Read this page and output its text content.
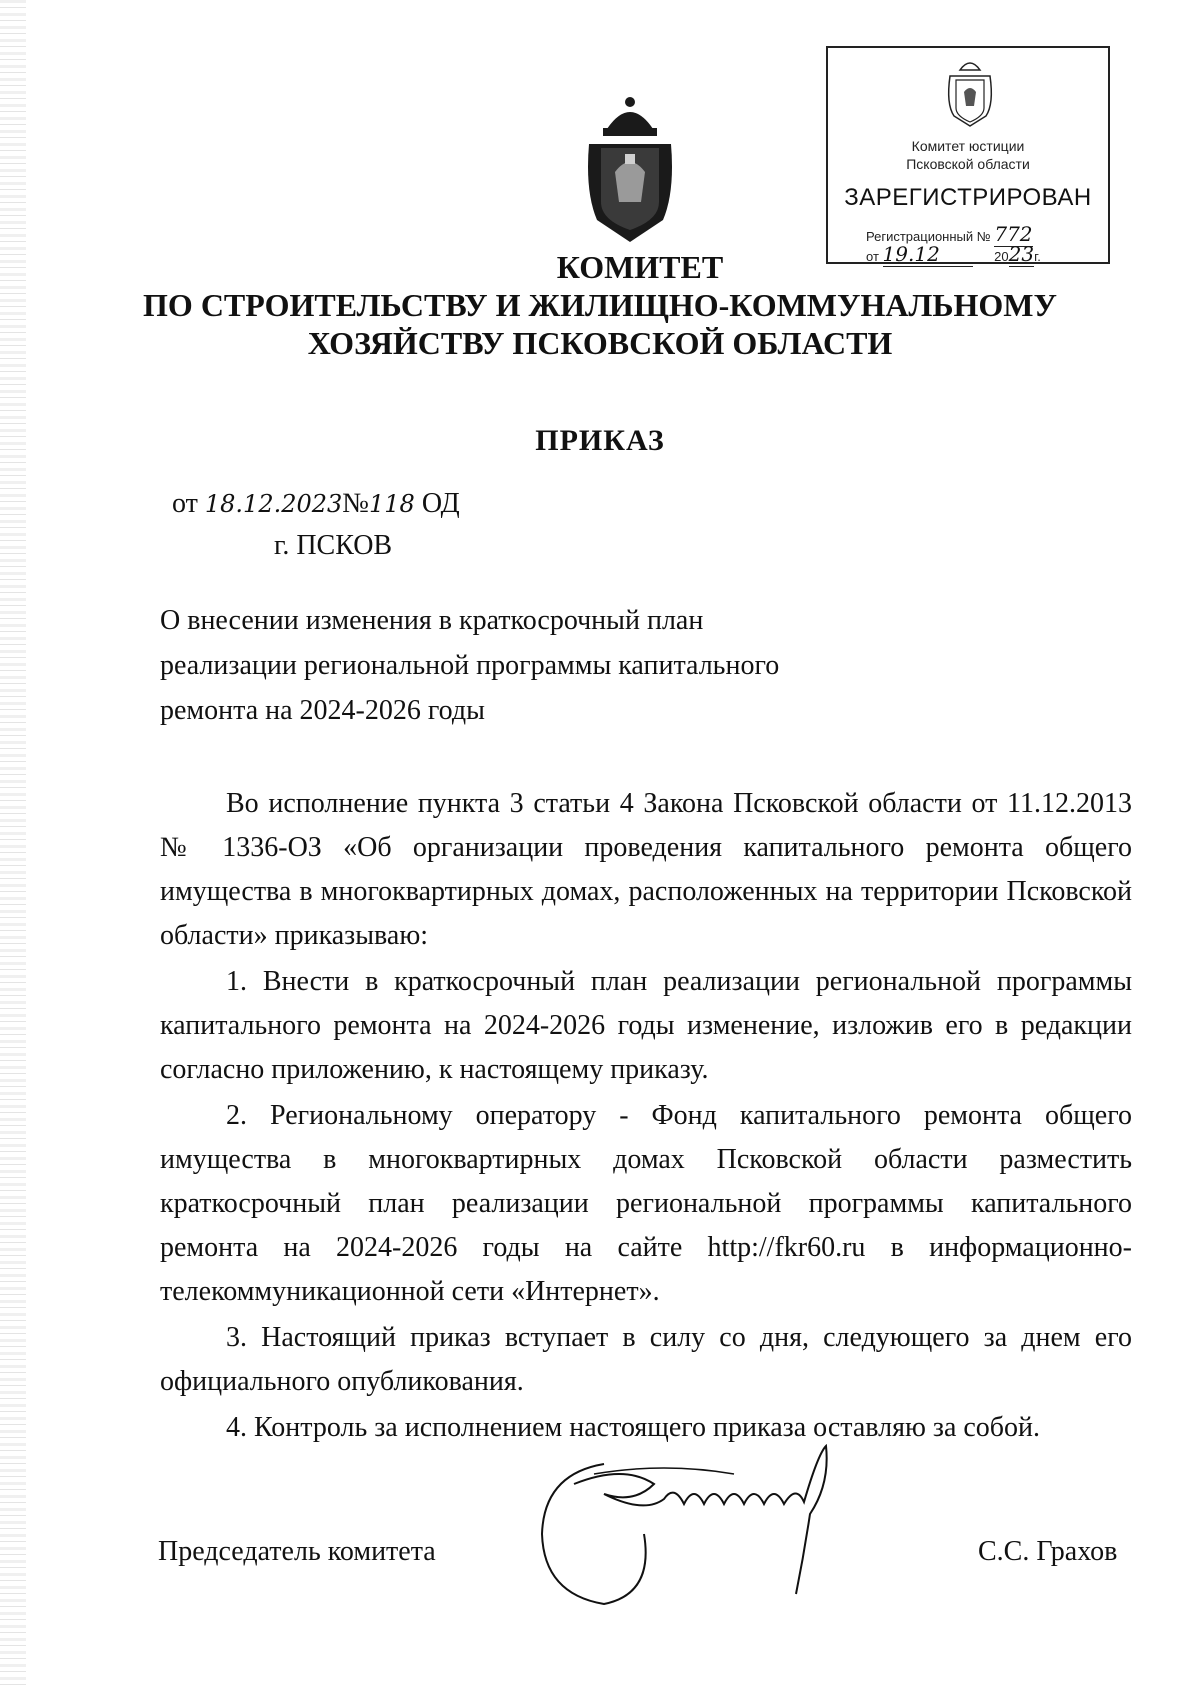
Комитет юстиции
Псковской области
ЗАРЕГИСТРИРОВАН
Регистрационный № 772
от 19.12	2023г.
КОМИТЕТ
ПО СТРОИТЕЛЬСТВУ И ЖИЛИЩНО-КОММУНАЛЬНОМУ
ХОЗЯЙСТВУ ПСКОВСКОЙ ОБЛАСТИ
ПРИКАЗ
от 18.12.2023№118 ОД
г. ПСКОВ
О внесении изменения в краткосрочный план
реализации региональной программы капитального
ремонта на 2024-2026 годы

Во исполнение пункта 3 статьи 4 Закона Псковской области от 11.12.2013 № 1336-ОЗ «Об организации проведения капитального ремонта общего имущества в многоквартирных домах, расположенных на территории Псковской области» приказываю:

1. Внести в краткосрочный план реализации региональной программы капитального ремонта на 2024-2026 годы изменение, изложив его в редакции согласно приложению, к настоящему приказу.

2. Региональному оператору - Фонд капитального ремонта общего имущества в многоквартирных домах Псковской области разместить краткосрочный план реализации региональной программы капитального ремонта на 2024-2026 годы на сайте http://fkr60.ru в информационно-телекоммуникационной сети «Интернет».

3. Настоящий приказ вступает в силу со дня, следующего за днем его официального опубликования.

4. Контроль за исполнением настоящего приказа оставляю за собой.

Председатель комитета	С.С. Грахов
